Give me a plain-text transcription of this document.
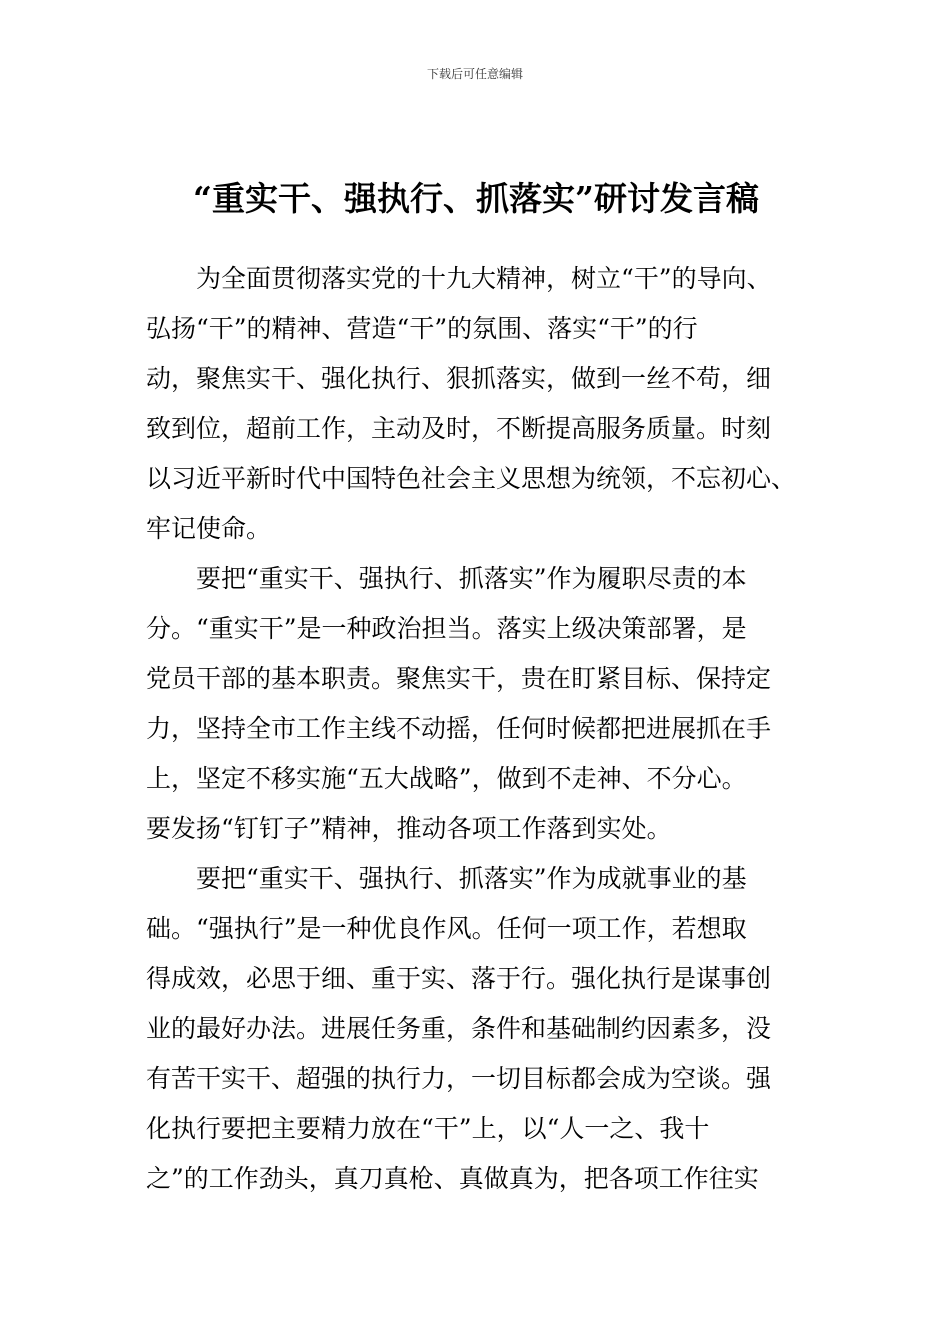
下载后可任意编辑
“重实干、强执行、抓落实”研讨发言稿
　　为全面贯彻落实党的十九大精神，树立“干”的导向、
弘扬“干”的精神、营造“干”的氛围、落实“干”的行
动，聚焦实干、强化执行、狠抓落实，做到一丝不苟，细
致到位，超前工作，主动及时，不断提高服务质量。时刻
以习近平新时代中国特色社会主义思想为统领，不忘初心、
牢记使命。
　　要把“重实干、强执行、抓落实”作为履职尽责的本
分。“重实干”是一种政治担当。落实上级决策部署，是
党员干部的基本职责。聚焦实干，贵在盯紧目标、保持定
力，坚持全市工作主线不动摇，任何时候都把进展抓在手
上，坚定不移实施“五大战略”，做到不走神、不分心。
要发扬“钉钉子”精神，推动各项工作落到实处。
　　要把“重实干、强执行、抓落实”作为成就事业的基
础。“强执行”是一种优良作风。任何一项工作，若想取
得成效，必思于细、重于实、落于行。强化执行是谋事创
业的最好办法。进展任务重，条件和基础制约因素多，没
有苦干实干、超强的执行力，一切目标都会成为空谈。强
化执行要把主要精力放在“干”上，以“人一之、我十
之”的工作劲头，真刀真枪、真做真为，把各项工作往实
